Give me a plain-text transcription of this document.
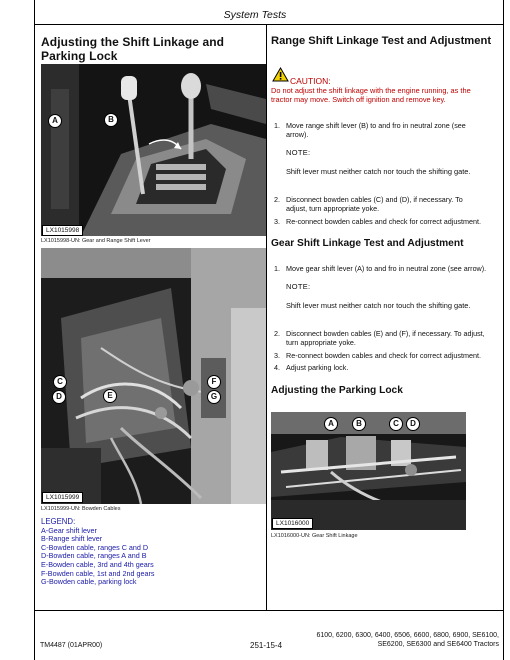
System Tests
Adjusting the Shift Linkage and Parking Lock
A	B
LX1015998
LX1015998-UN: Gear and Range Shift Lever
C
D	E
F
G
LX1015999
LX1015999-UN: Bowden Cables
LEGEND:
A-Gear shift lever
B-Range shift lever
C-Bowden cable, ranges C and D
D-Bowden cable, ranges A and B
E-Bowden cable, 3rd and 4th gears
F-Bowden cable, 1st and 2nd gears
G-Bowden cable, parking lock
Range Shift Linkage Test and Adjustment
CAUTION:
Do not adjust the shift linkage with the engine running, as the
tractor may move. Switch off ignition and remove key.
1. Move range shift lever (B) to and fro in neutral zone (see
arrow).
NOTE:
Shift lever must neither catch nor touch the shifting gate.
2. Disconnect bowden cables (C) and (D), if necessary. To
adjust, turn appropriate yoke.
3. Re-connect bowden cables and check for correct adjustment.
Gear Shift Linkage Test and Adjustment
1. Move gear shift lever (A) to and fro in neutral zone (see arrow).
NOTE:
Shift lever must neither catch nor touch the shifting gate.
2. Disconnect bowden cables (E) and (F), if necessary. To adjust,
turn appropriate yoke.
3. Re-connect bowden cables and check for correct adjustment.
4. Adjust parking lock.
Adjusting the Parking Lock
A	B	C	D
LX1016000
LX1016000-UN: Gear Shift Linkage
TM4487 (01APR00)	251-15-4
6100, 6200, 6300, 6400, 6506, 6600, 6800, 6900, SE6100,
SE6200, SE6300 and SE6400 Tractors
